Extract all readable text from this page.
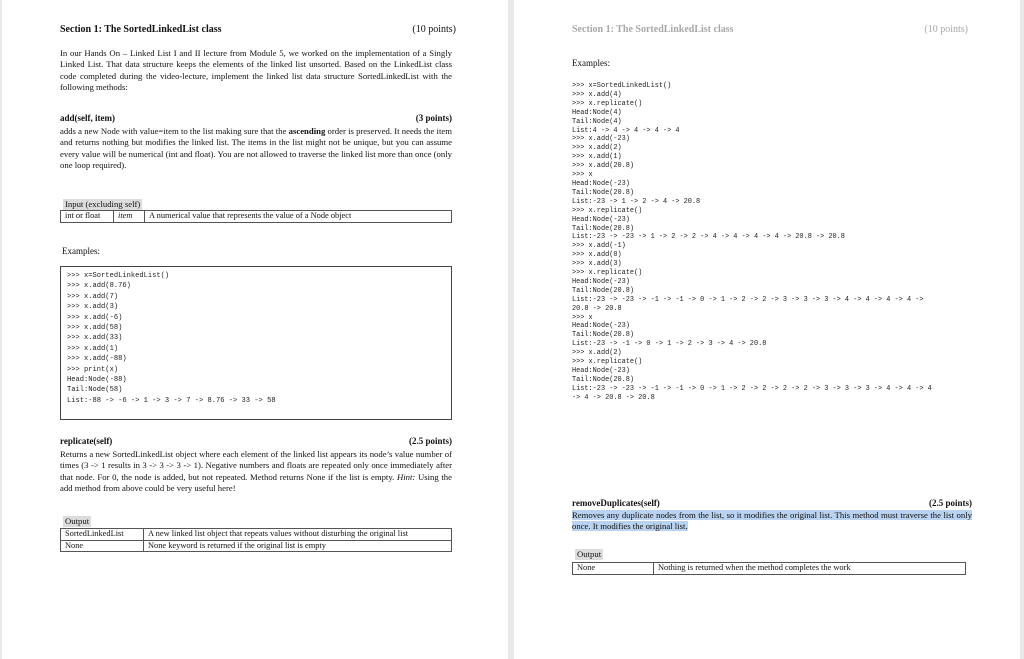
Section 1: The SortedLinkedList class	(10 points)

In our Hands On – Linked List I and II lecture from Module 5, we worked on the implementation of a Singly Linked List. That data structure keeps the elements of the linked list unsorted. Based on the LinkedList class code completed during the video-lecture, implement the linked list data structure SortedLinkedList with the following methods:

add(self, item)	(3 points)

adds a new Node with value=item to the list making sure that the ascending order is preserved. It needs the item and returns nothing but modifies the linked list. The items in the list might not be unique, but you can assume every value will be numerical (int and float). You are not allowed to traverse the linked list more than once (only one loop required).

Input (excluding self)
int or float	item	A numerical value that represents the value of a Node object
Examples:
>>> x=SortedLinkedList()
>>> x.add(8.76)
>>> x.add(7)
>>> x.add(3)
>>> x.add(-6)
>>> x.add(58)
>>> x.add(33)
>>> x.add(1)
>>> x.add(-88)
>>> print(x)
Head:Node(-88)
Tail:Node(58)
List:-88 -> -6 -> 1 -> 3 -> 7 -> 8.76 -> 33 -> 58
replicate(self)	(2.5 points)

Returns a new SortedLinkedList object where each element of the linked list appears its node’s value number of times (3 -> 1 results in 3 -> 3 -> 3 -> 1). Negative numbers and floats are repeated only once immediately after that node. For 0, the node is added, but not repeated. Method returns None if the list is empty. Hint: Using the add method from above could be very useful here!

Output
SortedLinkedList	A new linked list object that repeats values without disturbing the original list
None	None keyword is returned if the original list is empty
Section 1: The SortedLinkedList class	(10 points)
Examples:
>>> x=SortedLinkedList()
>>> x.add(4)
>>> x.replicate()
Head:Node(4)
Tail:Node(4)
List:4 -> 4 -> 4 -> 4 -> 4
>>> x.add(-23)
>>> x.add(2)
>>> x.add(1)
>>> x.add(20.8)
>>> x
Head:Node(-23)
Tail:Node(20.8)
List:-23 -> 1 -> 2 -> 4 -> 20.8
>>> x.replicate()
Head:Node(-23)
Tail:Node(20.8)
List:-23 -> -23 -> 1 -> 2 -> 2 -> 4 -> 4 -> 4 -> 4 -> 20.8 -> 20.8
>>> x.add(-1)
>>> x.add(0)
>>> x.add(3)
>>> x.replicate()
Head:Node(-23)
Tail:Node(20.8)
List:-23 -> -23 -> -1 -> -1 -> 0 -> 1 -> 2 -> 2 -> 3 -> 3 -> 3 -> 4 -> 4 -> 4 -> 4 ->
20.8 -> 20.8
>>> x
Head:Node(-23)
Tail:Node(20.8)
List:-23 -> -1 -> 0 -> 1 -> 2 -> 3 -> 4 -> 20.8
>>> x.add(2)
>>> x.replicate()
Head:Node(-23)
Tail:Node(20.8)
List:-23 -> -23 -> -1 -> -1 -> 0 -> 1 -> 2 -> 2 -> 2 -> 2 -> 3 -> 3 -> 3 -> 4 -> 4 -> 4
-> 4 -> 20.8 -> 20.8
removeDuplicates(self)	(2.5 points)

Removes any duplicate nodes from the list, so it modifies the original list. This method must traverse the list only once. It modifies the original list.

Output
None	Nothing is returned when the method completes the work
